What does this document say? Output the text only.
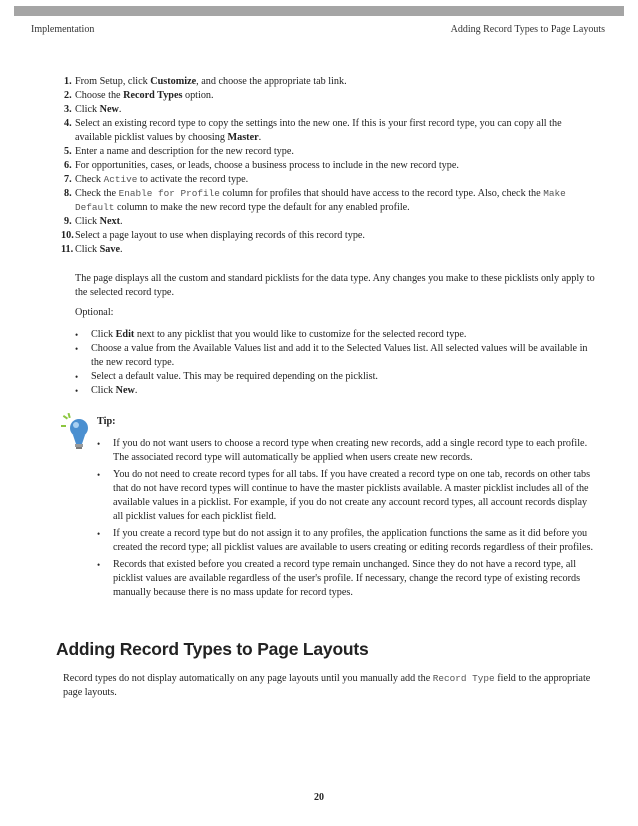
Implementation	Adding Record Types to Page Layouts
1. From Setup, click Customize, and choose the appropriate tab link.
2. Choose the Record Types option.
3. Click New.
4. Select an existing record type to copy the settings into the new one. If this is your first record type, you can copy all the available picklist values by choosing Master.
5. Enter a name and description for the new record type.
6. For opportunities, cases, or leads, choose a business process to include in the new record type.
7. Check Active to activate the record type.
8. Check the Enable for Profile column for profiles that should have access to the record type. Also, check the Make Default column to make the new record type the default for any enabled profile.
9. Click Next.
10. Select a page layout to use when displaying records of this record type.
11. Click Save.
The page displays all the custom and standard picklists for the data type. Any changes you make to these picklists only apply to the selected record type.
Optional:
• Click Edit next to any picklist that you would like to customize for the selected record type.
• Choose a value from the Available Values list and add it to the Selected Values list. All selected values will be available in the new record type.
• Select a default value. This may be required depending on the picklist.
• Click New.
Tip:
• If you do not want users to choose a record type when creating new records, add a single record type to each profile. The associated record type will automatically be applied when users create new records.
• You do not need to create record types for all tabs. If you have created a record type on one tab, records on other tabs that do not have record types will continue to have the master picklists available. A master picklist includes all of the available values in a picklist. For example, if you do not create any account record types, all account records display all picklist values for each picklist field.
• If you create a record type but do not assign it to any profiles, the application functions the same as it did before you created the record type; all picklist values are available to users creating or editing records regardless of their profiles.
• Records that existed before you created a record type remain unchanged. Since they do not have a record type, all picklist values are available regardless of the user's profile. If necessary, change the record type of existing records manually because there is no mass update for record types.
Adding Record Types to Page Layouts
Record types do not display automatically on any page layouts until you manually add the Record Type field to the appropriate page layouts.
20
